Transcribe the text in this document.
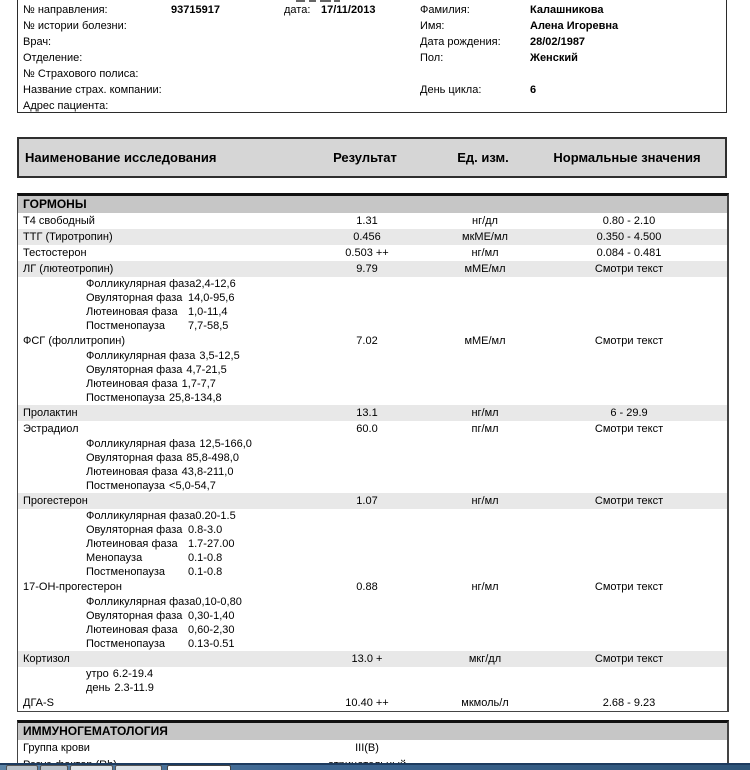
№ направления:	93715917	дата: 17/11/2013
№ истории болезни:
Врач:
Отделение:
№ Страхового полиса:
Название страх. компании:
Адрес пациента:
Фамилия:	Калашникова
Имя:	Алена Игоревна
Дата рождения:	28/02/1987
Пол:	Женский
День цикла:	6
Наименование исследования	Результат	Ед. изм.	Нормальные значения
ГОРМОНЫ
Т4 свободный	1.31	нг/дл	0.80 - 2.10
ТТГ (Тиротропин)	0.456	мкМЕ/мл	0.350 - 4.500
Тестостерон	0.503 ++	нг/мл	0.084 - 0.481
ЛГ (лютеотропин)	9.79	мМЕ/мл	Смотри текст
Фолликулярная фаза 2,4-12,6
Овуляторная фаза 14,0-95,6
Лютеиновая фаза 1,0-11,4
Постменопауза	7,7-58,5
ФСГ (фоллитропин)	7.02	мМЕ/мл	Смотри текст
Фолликулярная фаза 3,5-12,5
Овуляторная фаза 4,7-21,5
Лютеиновая фаза 1,7-7,7
Постменопауза 25,8-134,8
Пролактин	13.1	нг/мл	6 - 29.9
Эстрадиол	60.0	пг/мл	Смотри текст
Фолликулярная фаза 12,5-166,0
Овуляторная фаза 85,8-498,0
Лютеиновая фаза 43,8-211,0
Постменопауза <5,0-54,7
Прогестерон	1.07	нг/мл	Смотри текст
Фолликулярная фаза 0.20-1.5
Овуляторная фаза 0.8-3.0
Лютеиновая фаза 1.7-27.00
Менопауза	0.1-0.8
Постменопауза	0.1-0.8
17-ОН-прогестерон	0.88	нг/мл	Смотри текст
Фолликулярная фаза 0,10-0,80
Овуляторная фаза 0,30-1,40
Лютеиновая фаза 0,60-2,30
Постменопауза	0.13-0.51
Кортизол	13.0 +	мкг/дл	Смотри текст
утро 6.2-19.4
день 2.3-11.9
ДГА-S	10.40 ++	мкмоль/л	2.68 - 9.23
ИММУНОГЕМАТОЛОГИЯ
Группа крови	III(B)
